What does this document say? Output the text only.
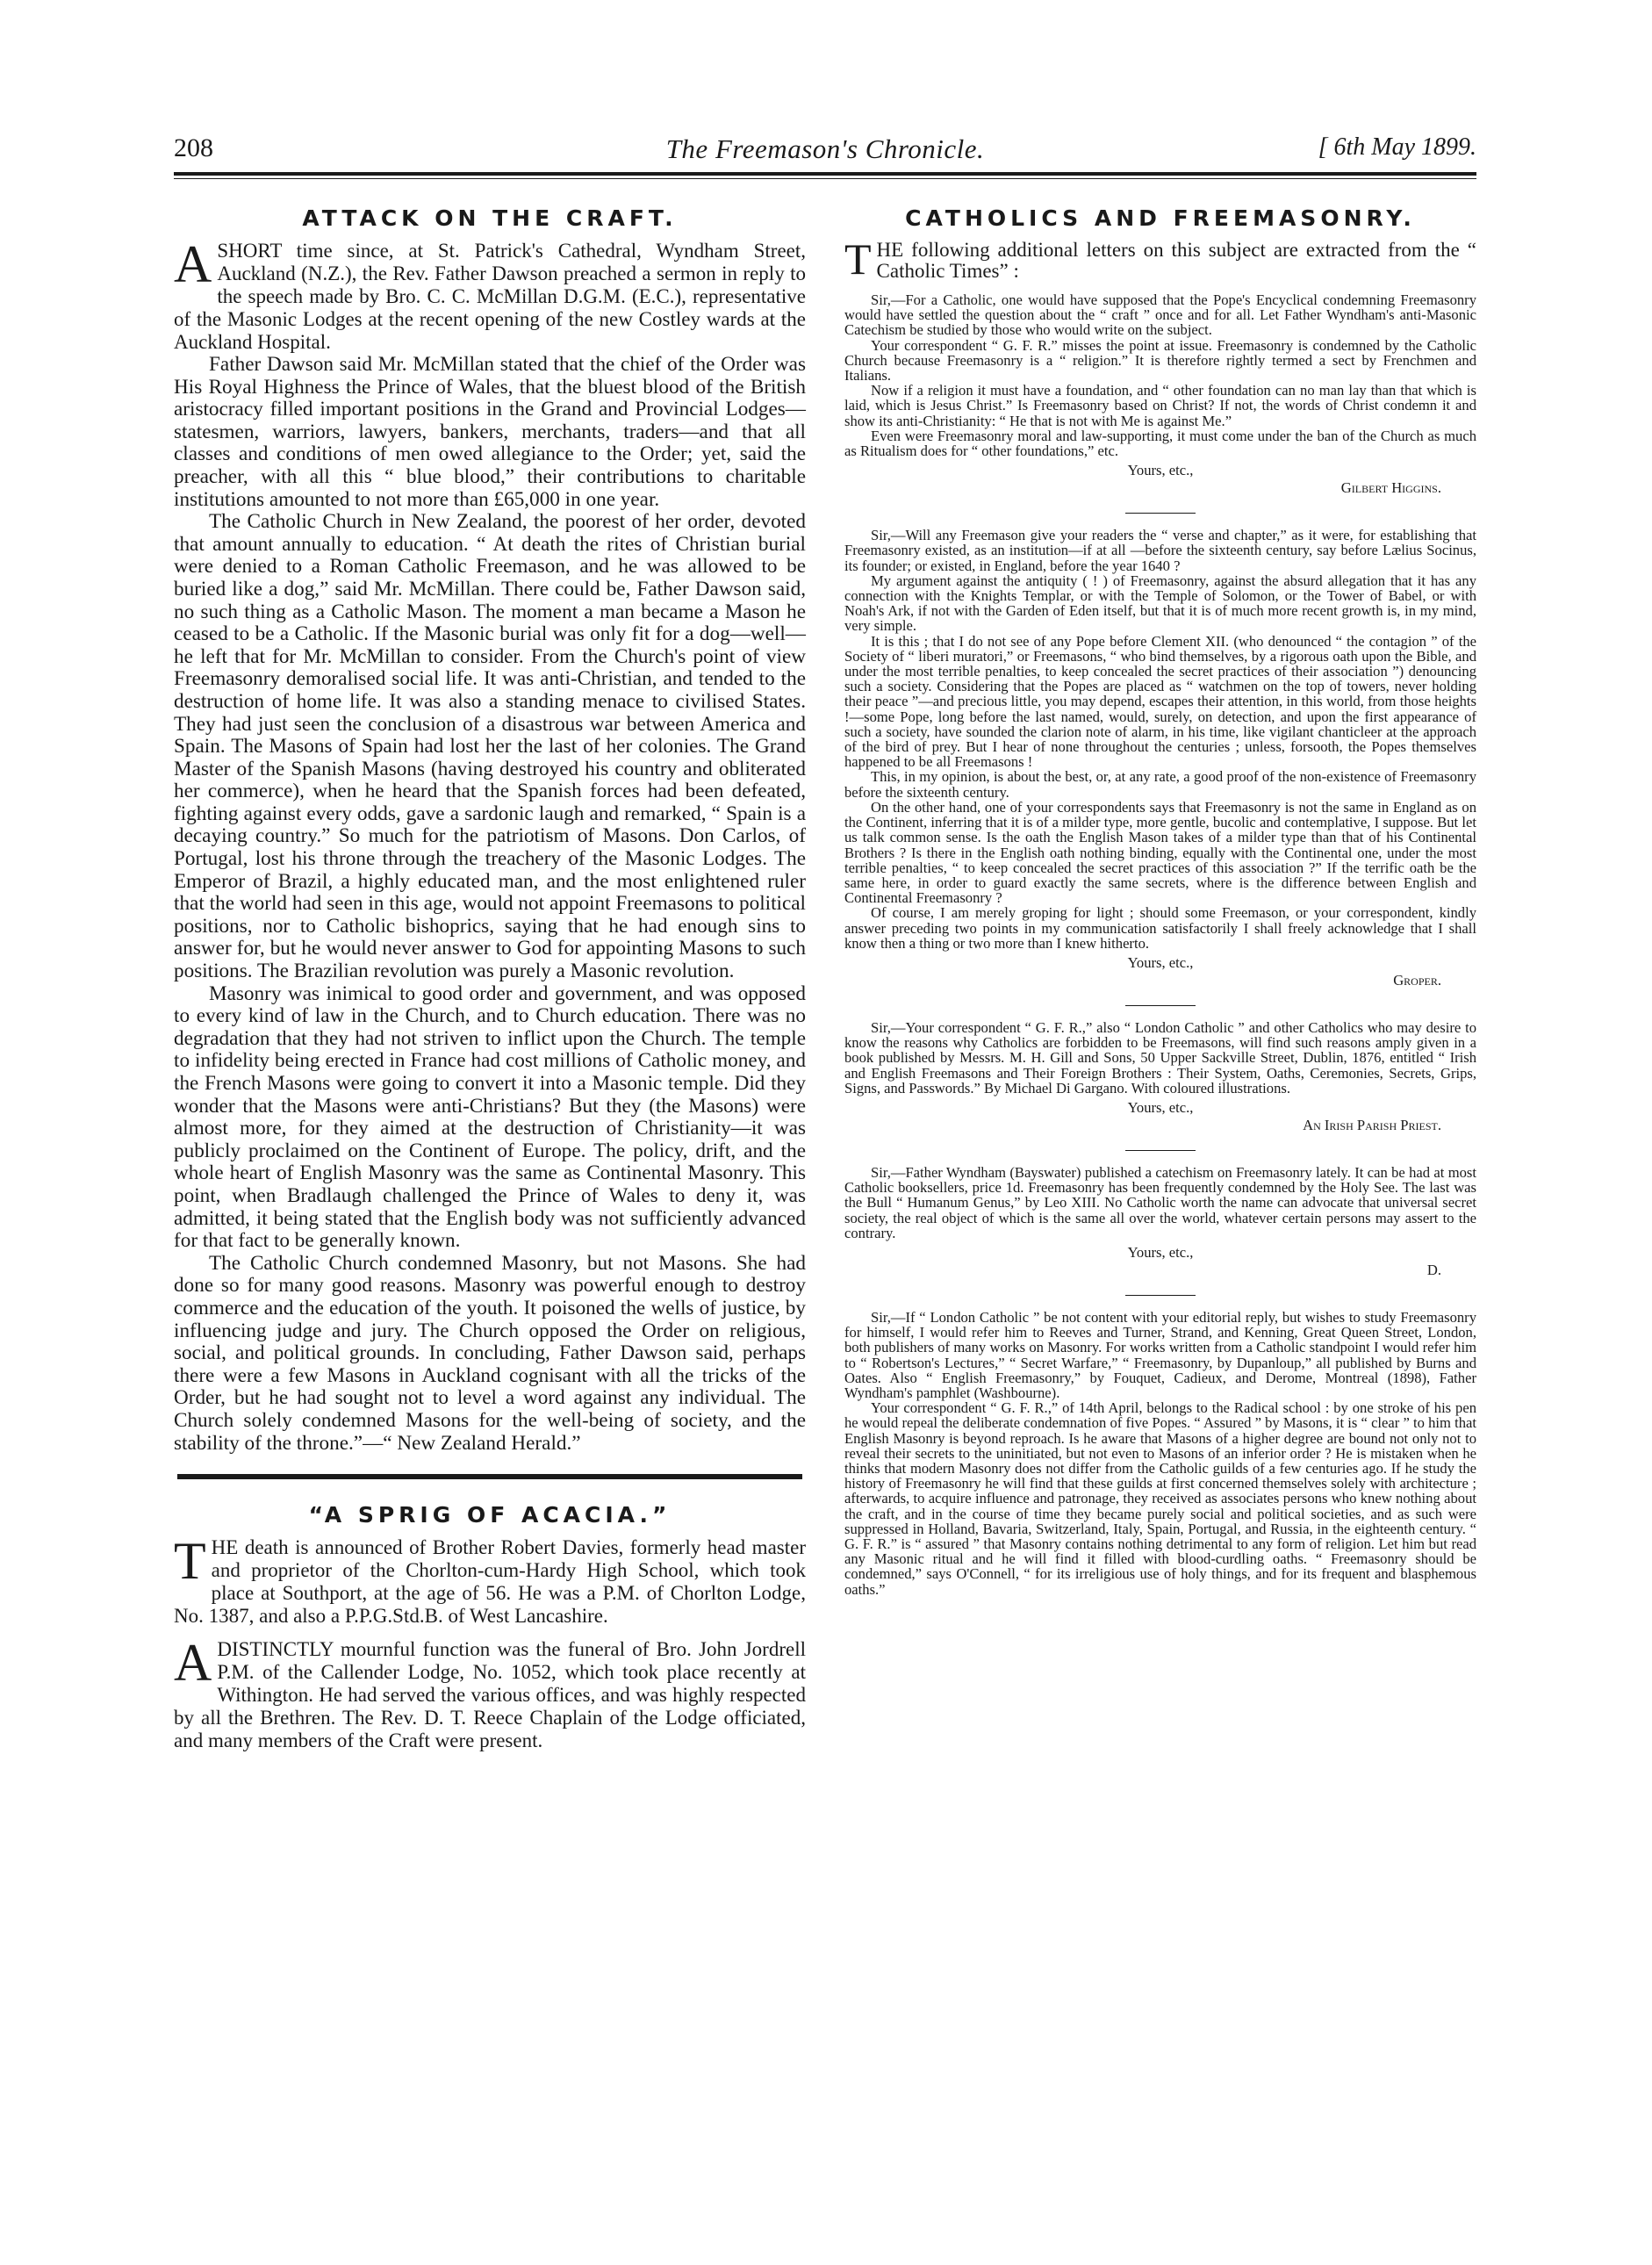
208	The Freemason's Chronicle.	[ 6th May 1899.
ATTACK ON THE CRAFT.

ASHORT time since, at St. Patrick's Cathedral, Wyndham Street, Auckland (N.Z.), the Rev. Father Dawson preached a sermon in reply to the speech made by Bro. C. C. McMillan D.G.M. (E.C.), representative of the Masonic Lodges at the recent opening of the new Costley wards at the Auckland Hospital.

Father Dawson said Mr. McMillan stated that the chief of the Order was His Royal Highness the Prince of Wales, that the bluest blood of the British aristocracy filled important positions in the Grand and Provincial Lodges—statesmen, warriors, lawyers, bankers, merchants, traders—and that all classes and conditions of men owed allegiance to the Order; yet, said the preacher, with all this “ blue blood,” their contributions to charitable institutions amounted to not more than £65,000 in one year.

The Catholic Church in New Zealand, the poorest of her order, devoted that amount annually to education. “ At death the rites of Christian burial were denied to a Roman Catholic Freemason, and he was allowed to be buried like a dog,” said Mr. McMillan. There could be, Father Dawson said, no such thing as a Catholic Mason. The moment a man became a Mason he ceased to be a Catholic. If the Masonic burial was only fit for a dog—well—he left that for Mr. McMillan to consider. From the Church's point of view Freemasonry demoralised social life. It was anti-Christian, and tended to the destruction of home life. It was also a standing menace to civilised States. They had just seen the conclusion of a disastrous war between America and Spain. The Masons of Spain had lost her the last of her colonies. The Grand Master of the Spanish Masons (having destroyed his country and obliterated her commerce), when he heard that the Spanish forces had been defeated, fighting against every odds, gave a sardonic laugh and remarked, “ Spain is a decaying country.” So much for the patriotism of Masons. Don Carlos, of Portugal, lost his throne through the treachery of the Masonic Lodges. The Emperor of Brazil, a highly educated man, and the most enlightened ruler that the world had seen in this age, would not appoint Freemasons to political positions, nor to Catholic bishoprics, saying that he had enough sins to answer for, but he would never answer to God for appointing Masons to such positions. The Brazilian revolution was purely a Masonic revolution.

Masonry was inimical to good order and government, and was opposed to every kind of law in the Church, and to Church education. There was no degradation that they had not striven to inflict upon the Church. The temple to infidelity being erected in France had cost millions of Catholic money, and the French Masons were going to convert it into a Masonic temple. Did they wonder that the Masons were anti-Christians? But they (the Masons) were almost more, for they aimed at the destruction of Christianity—it was publicly proclaimed on the Continent of Europe. The policy, drift, and the whole heart of English Masonry was the same as Continental Masonry. This point, when Bradlaugh challenged the Prince of Wales to deny it, was admitted, it being stated that the English body was not sufficiently advanced for that fact to be generally known.

The Catholic Church condemned Masonry, but not Masons. She had done so for many good reasons. Masonry was powerful enough to destroy commerce and the education of the youth. It poisoned the wells of justice, by influencing judge and jury. The Church opposed the Order on religious, social, and political grounds. In concluding, Father Dawson said, perhaps there were a few Masons in Auckland cognisant with all the tricks of the Order, but he had sought not to level a word against any individual. The Church solely condemned Masons for the well-being of society, and the stability of the throne.”—“ New Zealand Herald.”

“A SPRIG OF ACACIA.”

THE death is announced of Brother Robert Davies, formerly head master and proprietor of the Chorlton-cum-Hardy High School, which took place at Southport, at the age of 56. He was a P.M. of Chorlton Lodge, No. 1387, and also a P.P.G.Std.B. of West Lancashire.

ADISTINCTLY mournful function was the funeral of Bro. John Jordrell P.M. of the Callender Lodge, No. 1052, which took place recently at Withington. He had served the various offices, and was highly respected by all the Brethren. The Rev. D. T. Reece Chaplain of the Lodge officiated, and many members of the Craft were present.

CATHOLICS AND FREEMASONRY.

THE following additional letters on this subject are extracted from the “ Catholic Times” :

Sir,—For a Catholic, one would have supposed that the Pope's Encyclical condemning Freemasonry would have settled the question about the “ craft ” once and for all. Let Father Wyndham's anti-Masonic Catechism be studied by those who would write on the subject.

Your correspondent “ G. F. R.” misses the point at issue. Freemasonry is condemned by the Catholic Church because Freemasonry is a “ religion.” It is therefore rightly termed a sect by Frenchmen and Italians.

Now if a religion it must have a foundation, and “ other foundation can no man lay than that which is laid, which is Jesus Christ.” Is Freemasonry based on Christ? If not, the words of Christ condemn it and show its anti-Christianity: “ He that is not with Me is against Me.”

Even were Freemasonry moral and law-supporting, it must come under the ban of the Church as much as Ritualism does for “ other foundations,” etc.

Yours, etc.,
Gilbert Higgins.

Sir,—Will any Freemason give your readers the “ verse and chapter,” as it were, for establishing that Freemasonry existed, as an institution—if at all —before the sixteenth century, say before Lælius Socinus, its founder; or existed, in England, before the year 1640 ?

My argument against the antiquity ( ! ) of Freemasonry, against the absurd allegation that it has any connection with the Knights Templar, or with the Temple of Solomon, or the Tower of Babel, or with Noah's Ark, if not with the Garden of Eden itself, but that it is of much more recent growth is, in my mind, very simple.

It is this ; that I do not see of any Pope before Clement XII. (who denounced “ the contagion ” of the Society of “ liberi muratori,” or Freemasons, “ who bind themselves, by a rigorous oath upon the Bible, and under the most terrible penalties, to keep concealed the secret practices of their association ”) denouncing such a society. Considering that the Popes are placed as “ watchmen on the top of towers, never holding their peace ”—and precious little, you may depend, escapes their attention, in this world, from those heights !—some Pope, long before the last named, would, surely, on detection, and upon the first appearance of such a society, have sounded the clarion note of alarm, in his time, like vigilant chanticleer at the approach of the bird of prey. But I hear of none throughout the centuries ; unless, forsooth, the Popes themselves happened to be all Freemasons !

This, in my opinion, is about the best, or, at any rate, a good proof of the non-existence of Freemasonry before the sixteenth century.

On the other hand, one of your correspondents says that Freemasonry is not the same in England as on the Continent, inferring that it is of a milder type, more gentle, bucolic and contemplative, I suppose. But let us talk common sense. Is the oath the English Mason takes of a milder type than that of his Continental Brothers ? Is there in the English oath nothing binding, equally with the Continental one, under the most terrible penalties, “ to keep concealed the secret practices of this association ?” If the terrific oath be the same here, in order to guard exactly the same secrets, where is the difference between English and Continental Freemasonry ?

Of course, I am merely groping for light ; should some Freemason, or your correspondent, kindly answer preceding two points in my communication satisfactorily I shall freely acknowledge that I shall know then a thing or two more than I knew hitherto.

Yours, etc.,
Groper.

Sir,—Your correspondent “ G. F. R.,” also “ London Catholic ” and other Catholics who may desire to know the reasons why Catholics are forbidden to be Freemasons, will find such reasons amply given in a book published by Messrs. M. H. Gill and Sons, 50 Upper Sackville Street, Dublin, 1876, entitled “ Irish and English Freemasons and Their Foreign Brothers : Their System, Oaths, Ceremonies, Secrets, Grips, Signs, and Passwords.” By Michael Di Gargano. With coloured illustrations.

Yours, etc.,
An Irish Parish Priest.

Sir,—Father Wyndham (Bayswater) published a catechism on Freemasonry lately. It can be had at most Catholic booksellers, price 1d. Freemasonry has been frequently condemned by the Holy See. The last was the Bull “ Humanum Genus,” by Leo XIII. No Catholic worth the name can advocate that universal secret society, the real object of which is the same all over the world, whatever certain persons may assert to the contrary.

Yours, etc.,
D.

Sir,—If “ London Catholic ” be not content with your editorial reply, but wishes to study Freemasonry for himself, I would refer him to Reeves and Turner, Strand, and Kenning, Great Queen Street, London, both publishers of many works on Masonry. For works written from a Catholic standpoint I would refer him to “ Robertson's Lectures,” “ Secret Warfare,” “ Freemasonry, by Dupanloup,” all published by Burns and Oates. Also “ English Freemasonry,” by Fouquet, Cadieux, and Derome, Montreal (1898), Father Wyndham's pamphlet (Washbourne).

Your correspondent “ G. F. R.,” of 14th April, belongs to the Radical school : by one stroke of his pen he would repeal the deliberate condemnation of five Popes. “ Assured ” by Masons, it is “ clear ” to him that English Masonry is beyond reproach. Is he aware that Masons of a higher degree are bound not only not to reveal their secrets to the uninitiated, but not even to Masons of an inferior order ? He is mistaken when he thinks that modern Masonry does not differ from the Catholic guilds of a few centuries ago. If he study the history of Freemasonry he will find that these guilds at first concerned themselves solely with architecture ; afterwards, to acquire influence and patronage, they received as associates persons who knew nothing about the craft, and in the course of time they became purely social and political societies, and as such were suppressed in Holland, Bavaria, Switzerland, Italy, Spain, Portugal, and Russia, in the eighteenth century. “ G. F. R.” is “ assured ” that Masonry contains nothing detrimental to any form of religion. Let him but read any Masonic ritual and he will find it filled with blood-curdling oaths. “ Freemasonry should be condemned,” says O'Connell, “ for its irreligious use of holy things, and for its frequent and blasphemous oaths.”
